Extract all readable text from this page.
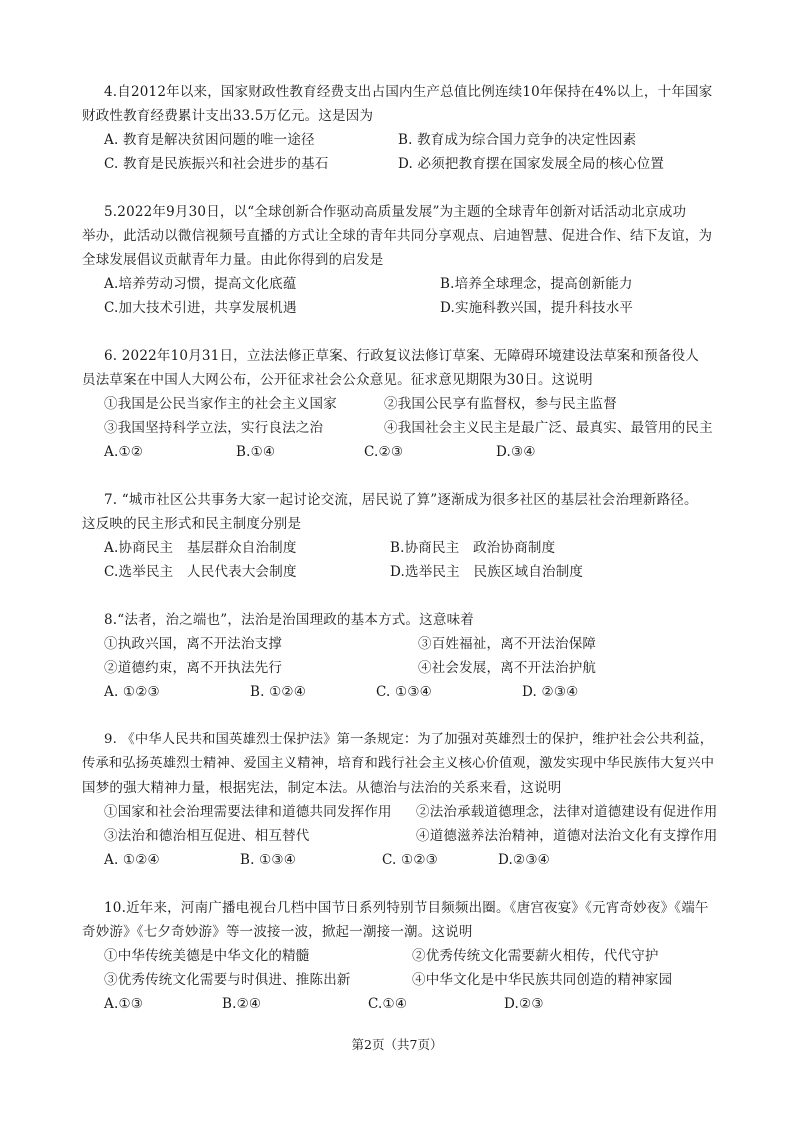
4.自2012年以来，国家财政性教育经费支出占国内生产总值比例连续10年保持在4%以上，十年国家
财政性教育经费累计支出33.5万亿元。这是因为
A. 教育是解决贫困问题的唯一途径	B. 教育成为综合国力竞争的决定性因素
C. 教育是民族振兴和社会进步的基石	D. 必须把教育摆在国家发展全局的核心位置
5.2022年9月30日，以“全球创新合作驱动高质量发展”为主题的全球青年创新对话活动北京成功
举办，此活动以微信视频号直播的方式让全球的青年共同分享观点、启迪智慧、促进合作、结下友谊，为
全球发展倡议贡献青年力量。由此你得到的启发是
A.培养劳动习惯，提高文化底蕴	B.培养全球理念，提高创新能力
C.加大技术引进，共享发展机遇	D.实施科教兴国，提升科技水平
6. 2022年10月31日，立法法修正草案、行政复议法修订草案、无障碍环境建设法草案和预备役人
员法草案在中国人大网公布，公开征求社会公众意见。征求意见期限为30日。这说明
①我国是公民当家作主的社会主义国家	②我国公民享有监督权，参与民主监督
③我国坚持科学立法，实行良法之治	④我国社会主义民主是最广泛、最真实、最管用的民主
A.①②	B.①④	C.②③	D.③④
7. “城市社区公共事务大家一起讨论交流，居民说了算”逐渐成为很多社区的基层社会治理新路径。
这反映的民主形式和民主制度分别是
A.协商民主　基层群众自治制度	B.协商民主　政治协商制度
C.选举民主　人民代表大会制度	D.选举民主　民族区域自治制度
8.“法者，治之端也”，法治是治国理政的基本方式。这意味着
①执政兴国，离不开法治支撑	③百姓福祉，离不开法治保障
②道德约束，离不开执法先行	④社会发展，离不开法治护航
A. ①②③	B. ①②④	C. ①③④	D. ②③④
9. 《中华人民共和国英雄烈士保护法》第一条规定：为了加强对英雄烈士的保护，维护社会公共利益，
传承和弘扬英雄烈士精神、爱国主义精神，培育和践行社会主义核心价值观，激发实现中华民族伟大复兴中
国梦的强大精神力量，根据宪法，制定本法。从德治与法治的关系来看，这说明
①国家和社会治理需要法律和道德共同发挥作用 ②法治承载道德理念，法律对道德建设有促进作用
③法治和德治相互促进、相互替代	④道德滋养法治精神，道德对法治文化有支撑作用
A. ①②④	B. ①③④	C. ①②③	D.②③④
10.近年来，河南广播电视台几档中国节日系列特别节目频频出圈。《唐宫夜宴》《元宵奇妙夜》《端午
奇妙游》《七夕奇妙游》等一波接一波，掀起一潮接一潮。这说明
①中华传统美德是中华文化的精髓	②优秀传统文化需要薪火相传，代代守护
③优秀传统文化需要与时俱进、推陈出新	④中华文化是中华民族共同创造的精神家园
A.①③	B.②④	C.①④	D.②③
第2页（共7页）
